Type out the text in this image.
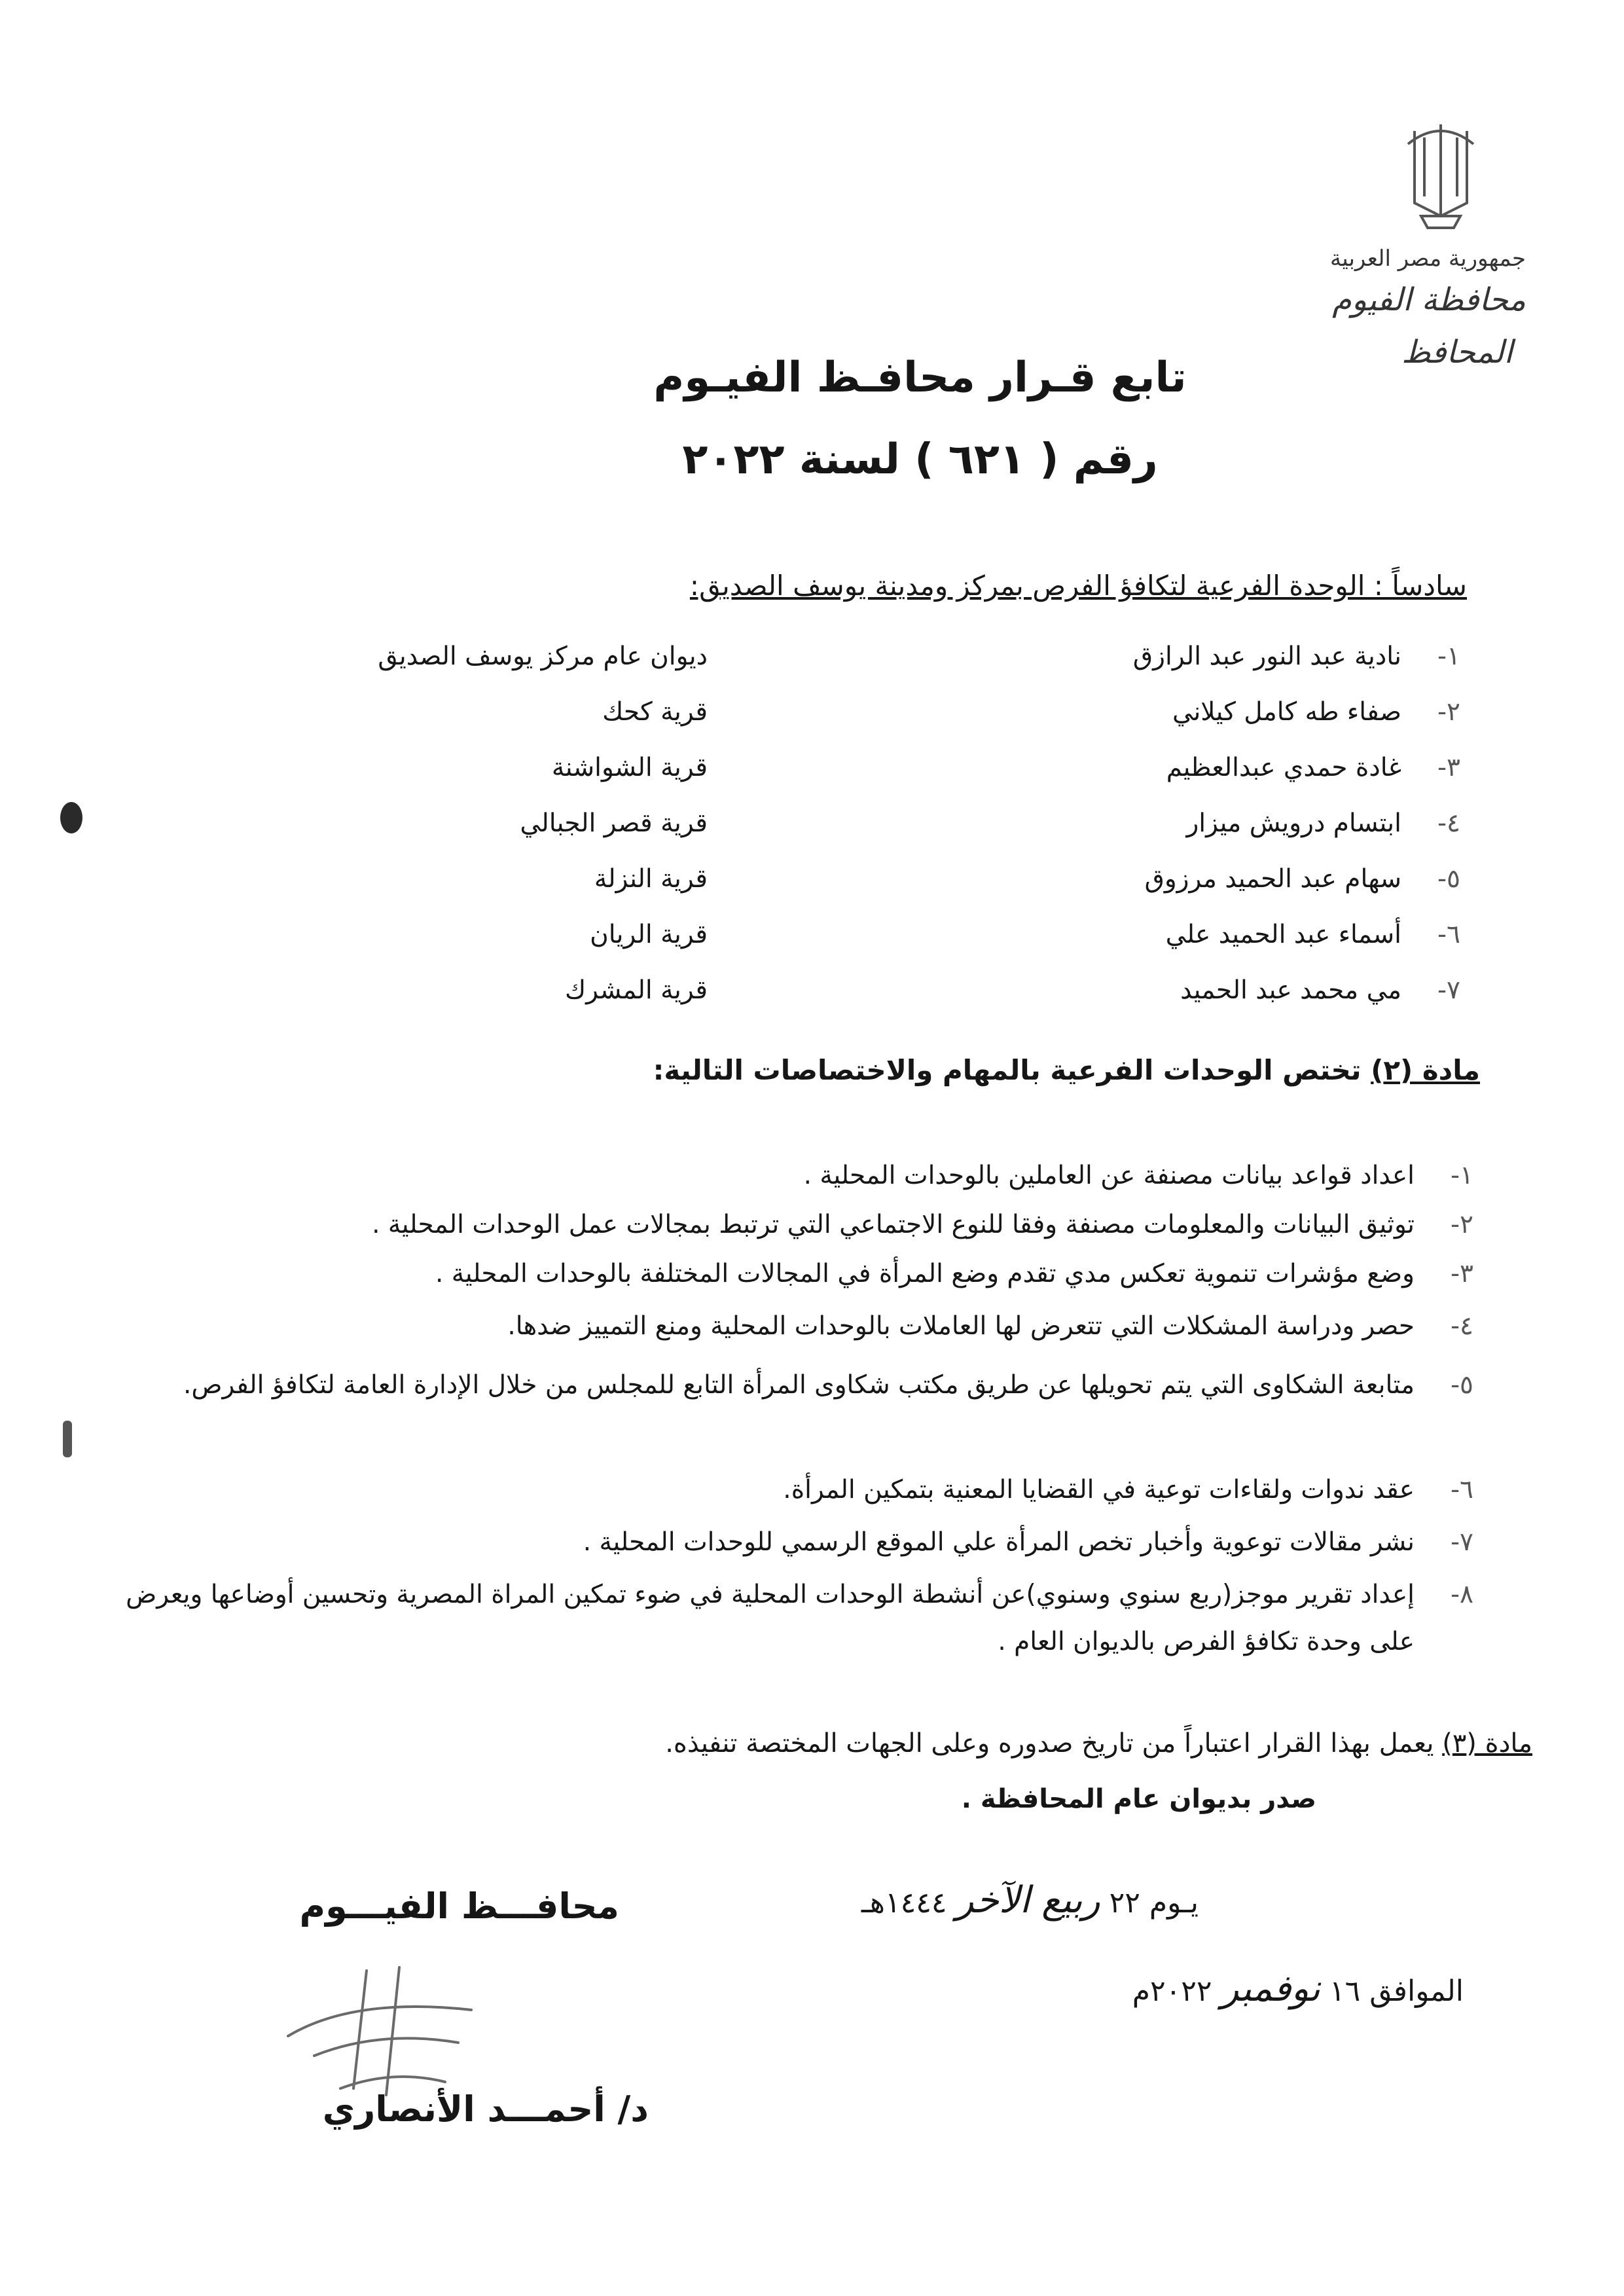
جمهورية مصر العربية
محافظة الفيوم
المحافظ
تابع قـرار محافـظ الفيـوم
رقم ( ٦٢١ ) لسنة ٢٠٢٢
سادساً : الوحدة الفرعية لتكافؤ الفرص بمركز ومدينة يوسف الصديق:
١-
نادية عبد النور عبد الرازق
ديوان عام مركز يوسف الصديق
٢-
صفاء طه كامل كيلاني
قرية كحك
٣-
غادة حمدي عبدالعظيم
قرية الشواشنة
٤-
ابتسام درويش ميزار
قرية قصر الجبالي
٥-
سهام عبد الحميد مرزوق
قرية النزلة
٦-
أسماء عبد الحميد علي
قرية الريان
٧-
مي محمد عبد الحميد
قرية المشرك
مادة (٢) تختص الوحدات الفرعية بالمهام والاختصاصات التالية:
١-
اعداد قواعد بيانات مصنفة عن العاملين بالوحدات المحلية .
٢-
توثيق البيانات والمعلومات مصنفة وفقا للنوع الاجتماعي التي ترتبط بمجالات عمل الوحدات المحلية .
٣-
وضع مؤشرات تنموية تعكس مدي تقدم وضع المرأة في المجالات المختلفة بالوحدات المحلية .
٤-
حصر ودراسة المشكلات التي تتعرض لها العاملات بالوحدات المحلية ومنع التمييز ضدها.
٥-
متابعة الشكاوى التي يتم تحويلها عن طريق مكتب شكاوى المرأة التابع للمجلس من خلال الإدارة العامة لتكافؤ الفرص.
٦-
عقد ندوات ولقاءات توعية في القضايا المعنية بتمكين المرأة.
٧-
نشر مقالات توعوية وأخبار تخص المرأة علي الموقع الرسمي للوحدات المحلية .
٨-
إعداد تقرير موجز(ربع سنوي وسنوي)عن أنشطة الوحدات المحلية في ضوء تمكين المراة المصرية وتحسين أوضاعها ويعرض على وحدة تكافؤ الفرص بالديوان العام .
مادة (٣) يعمل بهذا القرار اعتباراً من تاريخ صدوره وعلى الجهات المختصة تنفيذه.
صدر بديوان عام المحافظة .
يـوم ٢٢ ربيع الآخر ١٤٤٤هـ
الموافق ١٦ نوفمبر ٢٠٢٢م
محافـــظ الفيـــوم
د/ أحمـــد الأنصاري
